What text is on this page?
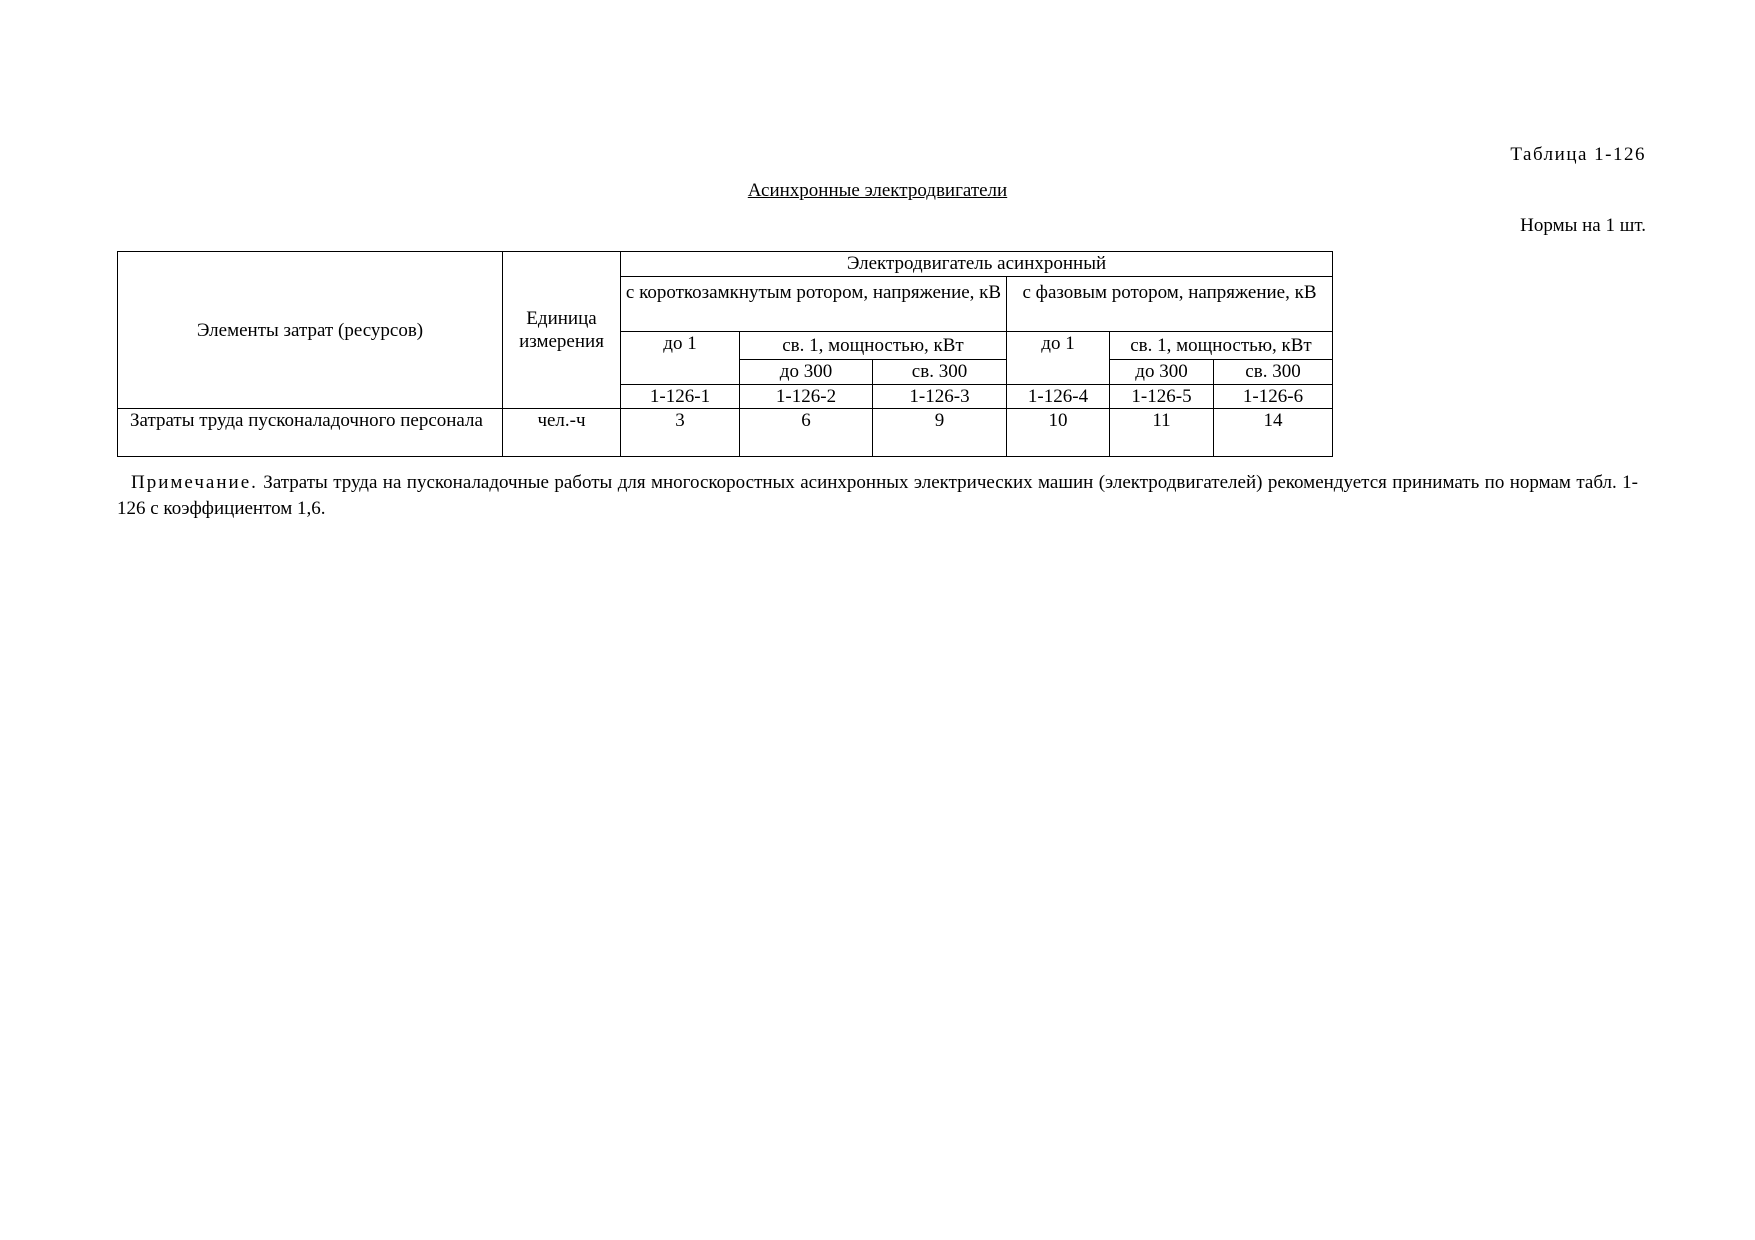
Таблица 1-126
Асинхронные электродвигатели
Нормы на 1 шт.
Элементы затрат (ресурсов)	Единица измерения	Электродвигатель асинхронный					
		с короткозамкнутым ротором, напряжение, кВ			с фазовым ротором, напряжение, кВ		
		до 1	св. 1, мощностью, кВт		до 1	св. 1, мощностью, кВт	
			до 300	св. 300		до 300	св. 300
		1-126-1	1-126-2	1-126-3	1-126-4	1-126-5	1-126-6
Затраты труда пусконаладочного персонала	чел.-ч	3	6	9	10	11	14
Примечание. Затраты труда на пусконаладочные работы для многоскоростных асинхронных электрических машин (электродвигателей) рекомендуется принимать по нормам табл. 1-126 с коэффициентом 1,6.
